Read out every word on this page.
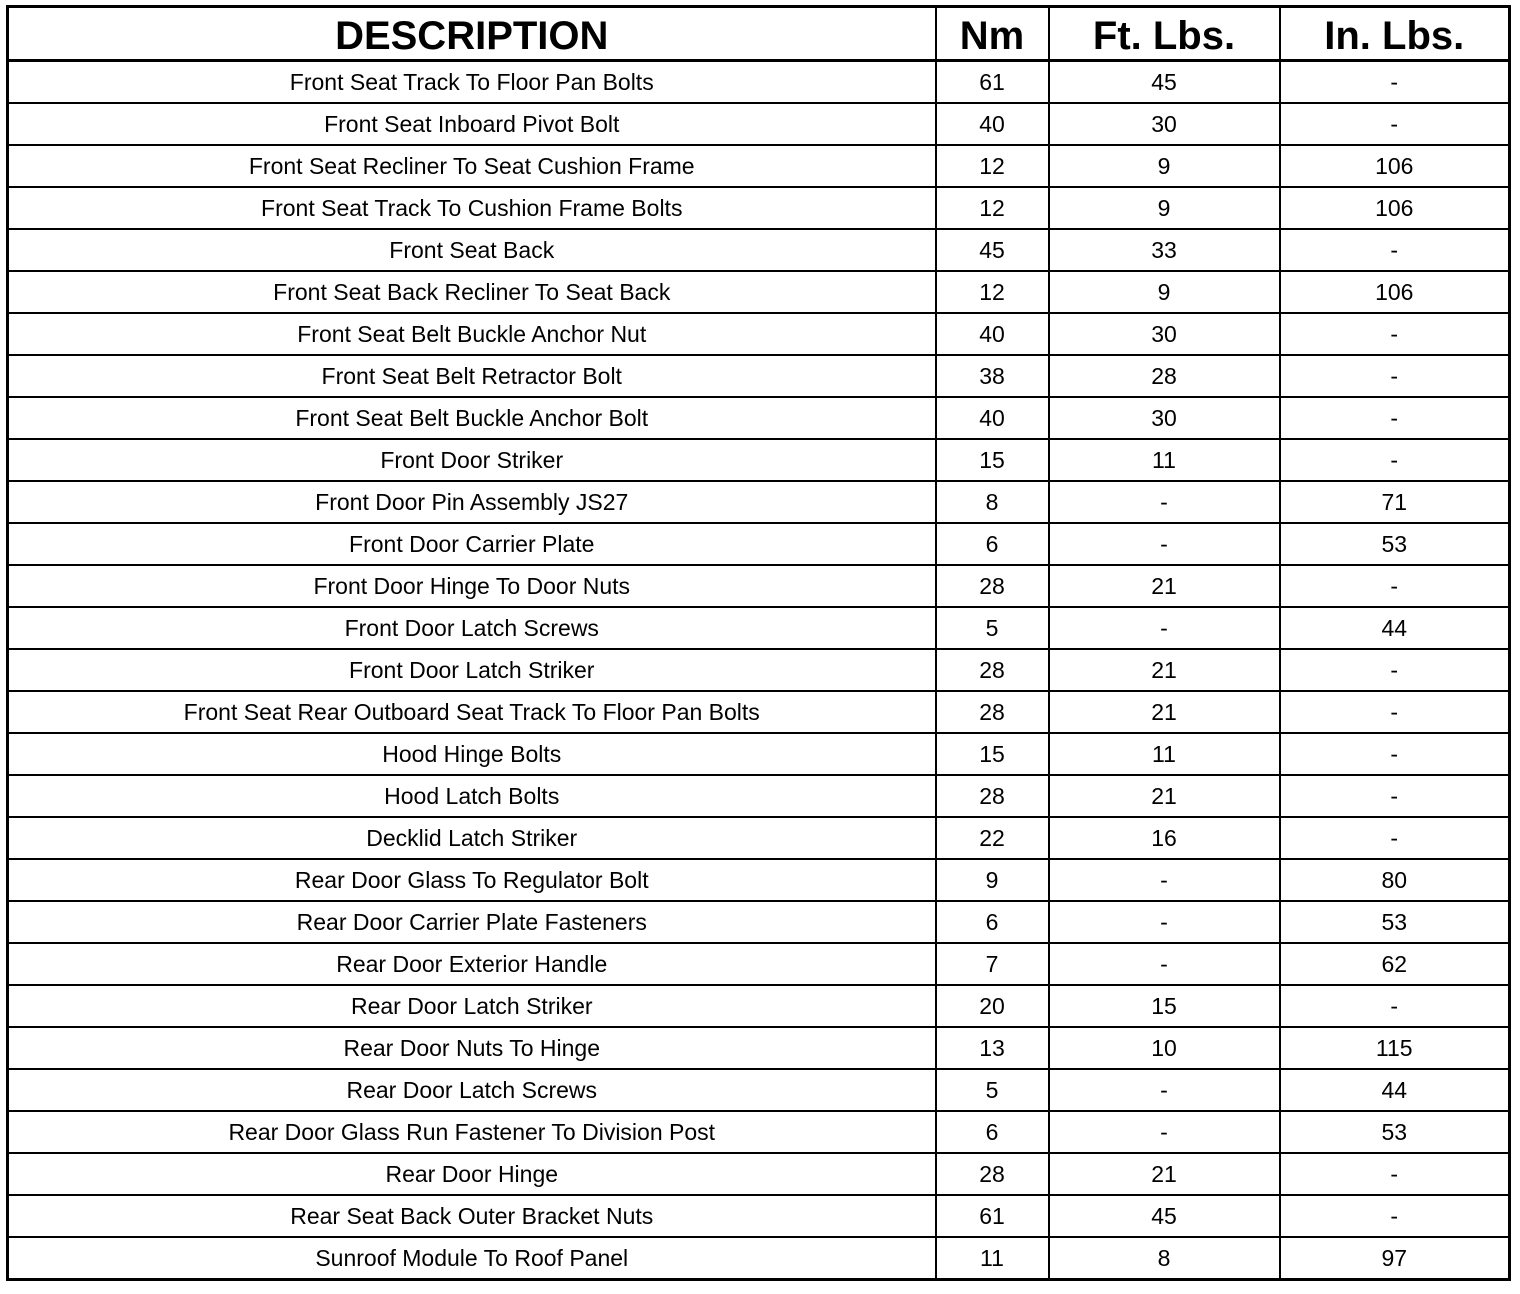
DESCRIPTION	Nm	Ft. Lbs.	In. Lbs.
Front Seat Track To Floor Pan Bolts	61	45	-
Front Seat Inboard Pivot Bolt	40	30	-
Front Seat Recliner To Seat Cushion Frame	12	9	106
Front Seat Track To Cushion Frame Bolts	12	9	106
Front Seat Back	45	33	-
Front Seat Back Recliner To Seat Back	12	9	106
Front Seat Belt Buckle Anchor Nut	40	30	-
Front Seat Belt Retractor Bolt	38	28	-
Front Seat Belt Buckle Anchor Bolt	40	30	-
Front Door Striker	15	11	-
Front Door Pin Assembly JS27	8	-	71
Front Door Carrier Plate	6	-	53
Front Door Hinge To Door Nuts	28	21	-
Front Door Latch Screws	5	-	44
Front Door Latch Striker	28	21	-
Front Seat Rear Outboard Seat Track To Floor Pan Bolts	28	21	-
Hood Hinge Bolts	15	11	-
Hood Latch Bolts	28	21	-
Decklid Latch Striker	22	16	-
Rear Door Glass To Regulator Bolt	9	-	80
Rear Door Carrier Plate Fasteners	6	-	53
Rear Door Exterior Handle	7	-	62
Rear Door Latch Striker	20	15	-
Rear Door Nuts To Hinge	13	10	115
Rear Door Latch Screws	5	-	44
Rear Door Glass Run Fastener To Division Post	6	-	53
Rear Door Hinge	28	21	-
Rear Seat Back Outer Bracket Nuts	61	45	-
Sunroof Module To Roof Panel	11	8	97
